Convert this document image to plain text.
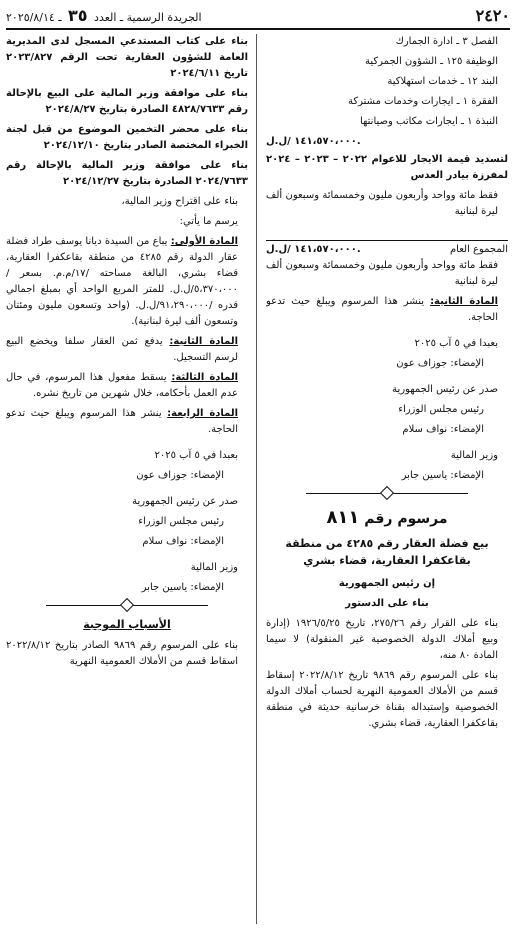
٢٤٢٠
الجريدة الرسمية ـ العدد ٣٥ ـ ٢٠٢٥/٨/١٤

الفصل ٣ ـ ادارة الجمارك

الوظيفة ١٢٥ ـ الشؤون الجمركية

البند ١٢ ـ خدمات استهلاكية

الفقرة ١ ـ ايجارات وخدمات مشتركة

النبذة ١ ـ ايجارات مكاتب وصيانتها

١٤١،٥٧٠،٠٠٠ /ل.ل.

لتسديد قيمة الايجار للاعوام ٢٠٢٢ – ٢٠٢٣ – ٢٠٢٤ لمفرزة بيادر العدس

فقط مائة وواحد وأربعون مليون وخمسمائة وسبعون ألف ليرة لبنانية

المجموع العام
١٤١،٥٧٠،٠٠٠ /ل.ل.

فقط مائة وواحد وأربعون مليون وخمسمائة وسبعون ألف ليرة لبنانية

المادة الثانية: ينشر هذا المرسوم ويبلغ حيث تدعو الحاجة.

بعبدا في ٥ آب ٢٠٢٥

الإمضاء: جوزاف عون

صدر عن رئيس الجمهورية

رئيس مجلس الوزراء

الإمضاء: نواف سلام

وزير المالية

الإمضاء: ياسين جابر

مرسوم رقم ٨١١

بيع فضلة العقار رقم ٤٢٨٥ من منطقة بقاعكفرا العقارية، قضاء بشري

إن رئيس الجمهورية

بناء على الدستور

بناء على القرار رقم ٢٧٥/٢٦، تاريخ ١٩٢٦/٥/٢٥ (إدارة وبيع أملاك الدولة الخصوصية غير المنقولة) لا سيما المادة ٨٠ منه،

بناء على المرسوم رقم ٩٨٦٩ تاريخ ٢٠٢٢/٨/١٢ إسقاط قسم من الأملاك العمومية النهرية لحساب أملاك الدولة الخصوصية وإستبداله بقناة خرسانية حديثة في منطقة بقاعكفرا العقارية، قضاء بشري.

بناء على كتاب المستدعي المسجل لدى المديرية العامة للشؤون العقارية تحت الرقم ٢٠٢٣/٨٢٧ تاريخ ٢٠٢٤/٦/١١

بناء على موافقة وزير المالية على البيع بالإحالة رقم ٤٨٢٨/٧٦٣٣ الصادرة بتاريخ ٢٠٢٤/٨/٢٧

بناء على محضر التخمين الموضوع من قبل لجنة الخبراء المختصة الصادر بتاريخ ٢٠٢٤/١٢/١٠

بناء على موافقة وزير المالية بالإحالة رقم ٢٠٢٤/٧٦٣٣ الصادرة بتاريخ ٢٠٢٤/١٢/٢٧

بناء على اقتراح وزير المالية،

يرسم ما يأتي:

المادة الأولى: يباع من السيدة ديانا يوسف طراد فضلة عقار الدولة رقم ٤٢٨٥ من منطقة بقاعكفرا العقارية، قضاء بشري، البالغة مساحته /١٧/م.م. بسعر /٥،٣٧٠،٠٠٠/ل.ل. للمتر المربع الواحد أي بمبلغ اجمالي قدره /٩١،٢٩٠،٠٠٠/ل.ل. (واحد وتسعون مليون ومئتان وتسعون ألف ليرة لبنانية).

المادة الثانية: يدفع ثمن العقار سلفا ويخضع البيع لرسم التسجيل.

المادة الثالثة: يسقط مفعول هذا المرسوم، في حال عدم العمل بأحكامه، خلال شهرين من تاريخ نشره.

المادة الرابعة: ينشر هذا المرسوم ويبلغ حيث تدعو الحاجة.

بعبدا في ٥ آب ٢٠٢٥

الإمضاء: جوزاف عون

صدر عن رئيس الجمهورية

رئيس مجلس الوزراء

الإمضاء: نواف سلام

وزير المالية

الإمضاء: ياسين جابر

الأسباب الموجبة

بناء على المرسوم رقم ٩٨٦٩ الصادر بتاريخ ٢٠٢٢/٨/١٢ اسقاط قسم من الأملاك العمومية النهرية
